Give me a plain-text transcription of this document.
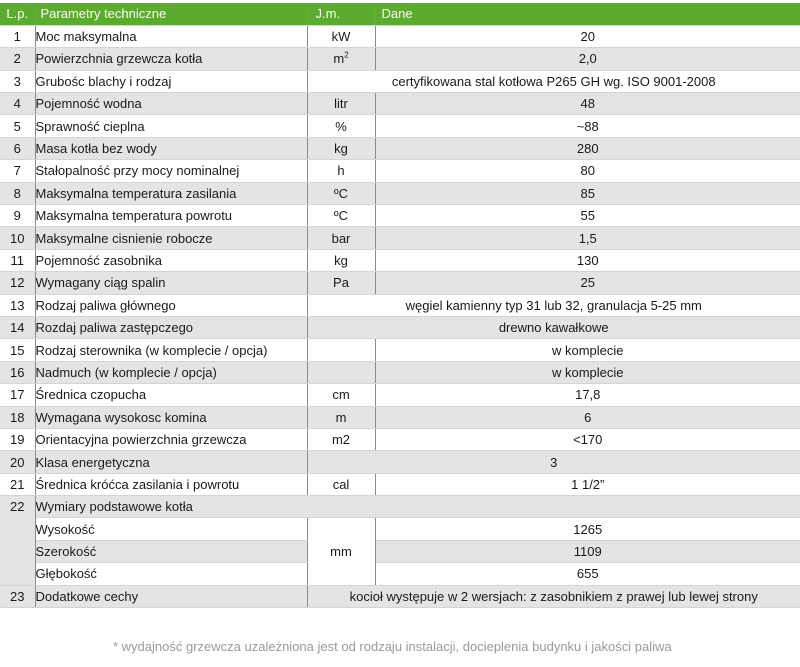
L.p.	Parametry techniczne	J.m.	Dane
1	Moc maksymalna	kW	20
2	Powierzchnia grzewcza kotła	$m^2$	2,0
3	Grubośc blachy i rodzaj	certyfikowana stal kotłowa P265 GH wg. ISO 9001-2008	
4	Pojemność wodna	litr	48
5	Sprawność cieplna	%	~88
6	Masa kotła bez wody	kg	280
7	Stałopalność przy mocy nominalnej	h	80
8	Maksymalna temperatura zasilania	ºC	85
9	Maksymalna temperatura powrotu	ºC	55
10	Maksymalne cisnienie robocze	bar	1,5
11	Pojemność zasobnika	kg	130
12	Wymagany ciąg spalin	Pa	25
13	Rodzaj paliwa głównego	węgiel kamienny typ 31 lub 32, granulacja 5-25 mm	
14	Rozdaj paliwa zastępczego	drewno kawałkowe	
15	Rodzaj sterownika (w komplecie / opcja)		w komplecie
16	Nadmuch (w komplecie / opcja)		w komplecie
17	Średnica czopucha	cm	17,8
18	Wymagana wysokosc komina	m	6
19	Orientacyjna powierzchnia grzewcza	m2	<170
20	Klasa energetyczna	3	
21	Średnica króćca zasilania i powrotu	cal	1 1/2”
22	Wymiary podstawowe kotła		
	Wysokość	mm	1265
	Szerokość		1109
	Głębokość		655
23	Dodatkowe cechy	kocioł występuje w 2 wersjach: z zasobnikiem z prawej lub lewej strony	
* wydajność grzewcza uzależniona jest od rodzaju instalacji, docieplenia budynku i jakości paliwa
